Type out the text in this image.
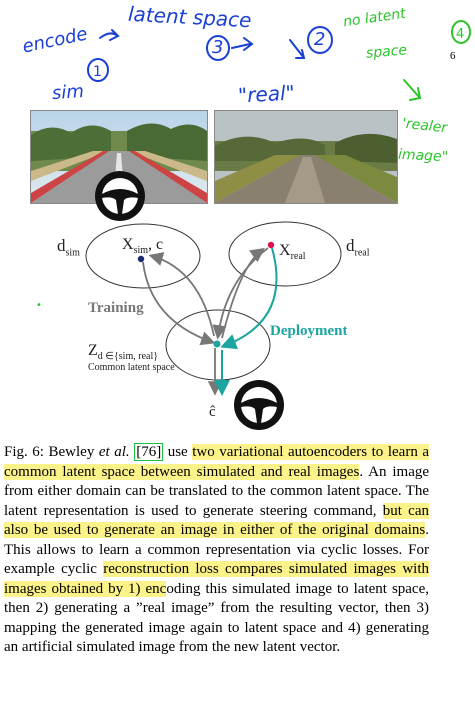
6
encode
sim
latent space
"real"
3	2
no latent
space
'realer
image"
•
1
4
$d_{sim}$	$d_{real}$
$X_{sim}$, c	$X_{real}$
Training
Deployment
$Z_{d \in\{sim, real\}}$
Common latent space
ĉ
Fig. 6: Bewley et al. [76] use two variational autoencoders to learn a common latent space between simulated and real images. An image from either domain can be translated to the common latent space. The latent representation is used to generate steering command, but can also be used to generate an image in either of the original domains. This allows to learn a common representation via cyclic losses. For example cyclic reconstruction loss compares simulated images with images obtained by 1) encoding this simulated image to latent space, then 2) generating a ”real image” from the resulting vector, then 3) mapping the generated image again to latent space and 4) generating an artificial simulated image from the new latent vector.
